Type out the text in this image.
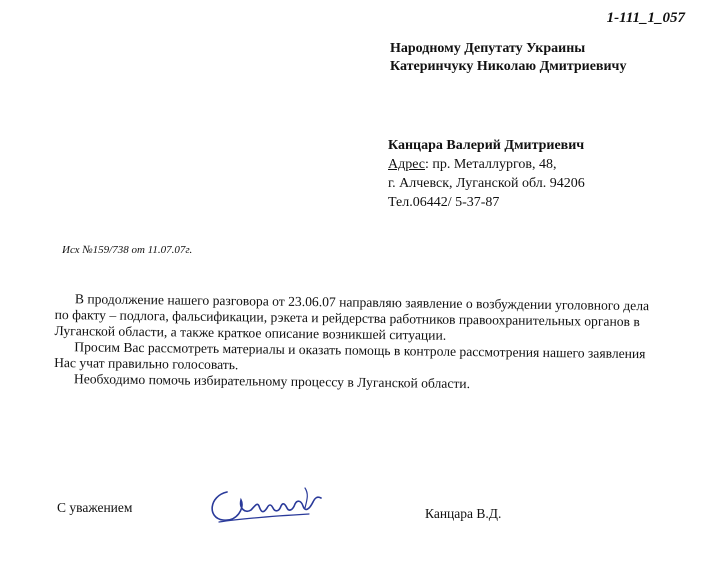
1-111_1_057
Народному Депутату Украины
Катеринчуку Николаю Дмитриевичу
Канцара Валерий Дмитриевич
Адрес: пр. Металлургов, 48,
г. Алчевск, Луганской обл. 94206
Тел.06442/ 5-37-87
Исх №159/738 от 11.07.07г.

В продолжение нашего разговора от 23.06.07 направляю заявление о возбуждении уголовного дела по факту – подлога, фальсификации, рэкета и рейдерства работников правоохранительных органов в Луганской области, а также краткое описание возникшей ситуации.

Просим Вас рассмотреть материалы и оказать помощь в контроле рассмотрения нашего заявления Нас учат правильно голосовать.

Необходимо помочь избирательному процессу в Луганской области.

С уважением	Канцара В.Д.
